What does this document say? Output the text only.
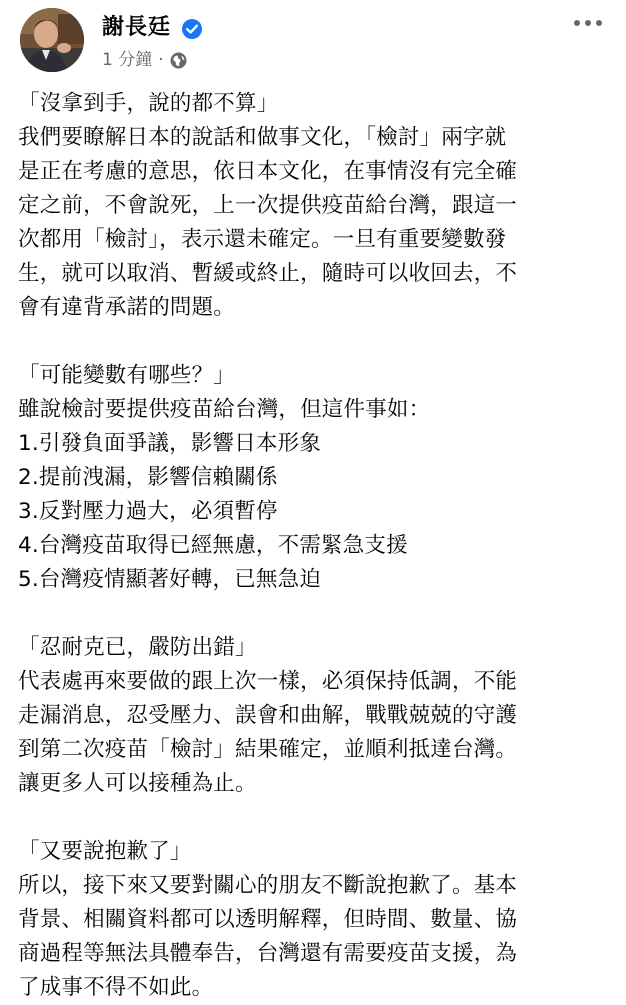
謝長廷
1 分鐘 ·

「沒拿到手，說的都不算」

我們要瞭解日本的說話和做事文化，「檢討」兩字就

是正在考慮的意思，依日本文化，在事情沒有完全確

定之前，不會說死，上一次提供疫苗給台灣，跟這一

次都用「檢討」，表示還未確定。一旦有重要變數發

生，就可以取消、暫緩或終止，隨時可以收回去，不

會有違背承諾的問題。

「可能變數有哪些？」

雖說檢討要提供疫苗給台灣，但這件事如：

1.引發負面爭議，影響日本形象

2.提前洩漏，影響信賴關係

3.反對壓力過大，必須暫停

4.台灣疫苗取得已經無慮，不需緊急支援

5.台灣疫情顯著好轉，已無急迫

「忍耐克已，嚴防出錯」

代表處再來要做的跟上次一樣，必須保持低調，不能

走漏消息，忍受壓力、誤會和曲解，戰戰兢兢的守護

到第二次疫苗「檢討」結果確定，並順利抵達台灣。

讓更多人可以接種為止。

「又要說抱歉了」

所以，接下來又要對關心的朋友不斷說抱歉了。基本

背景、相關資料都可以透明解釋，但時間、數量、協

商過程等無法具體奉告，台灣還有需要疫苗支援，為

了成事不得不如此。
